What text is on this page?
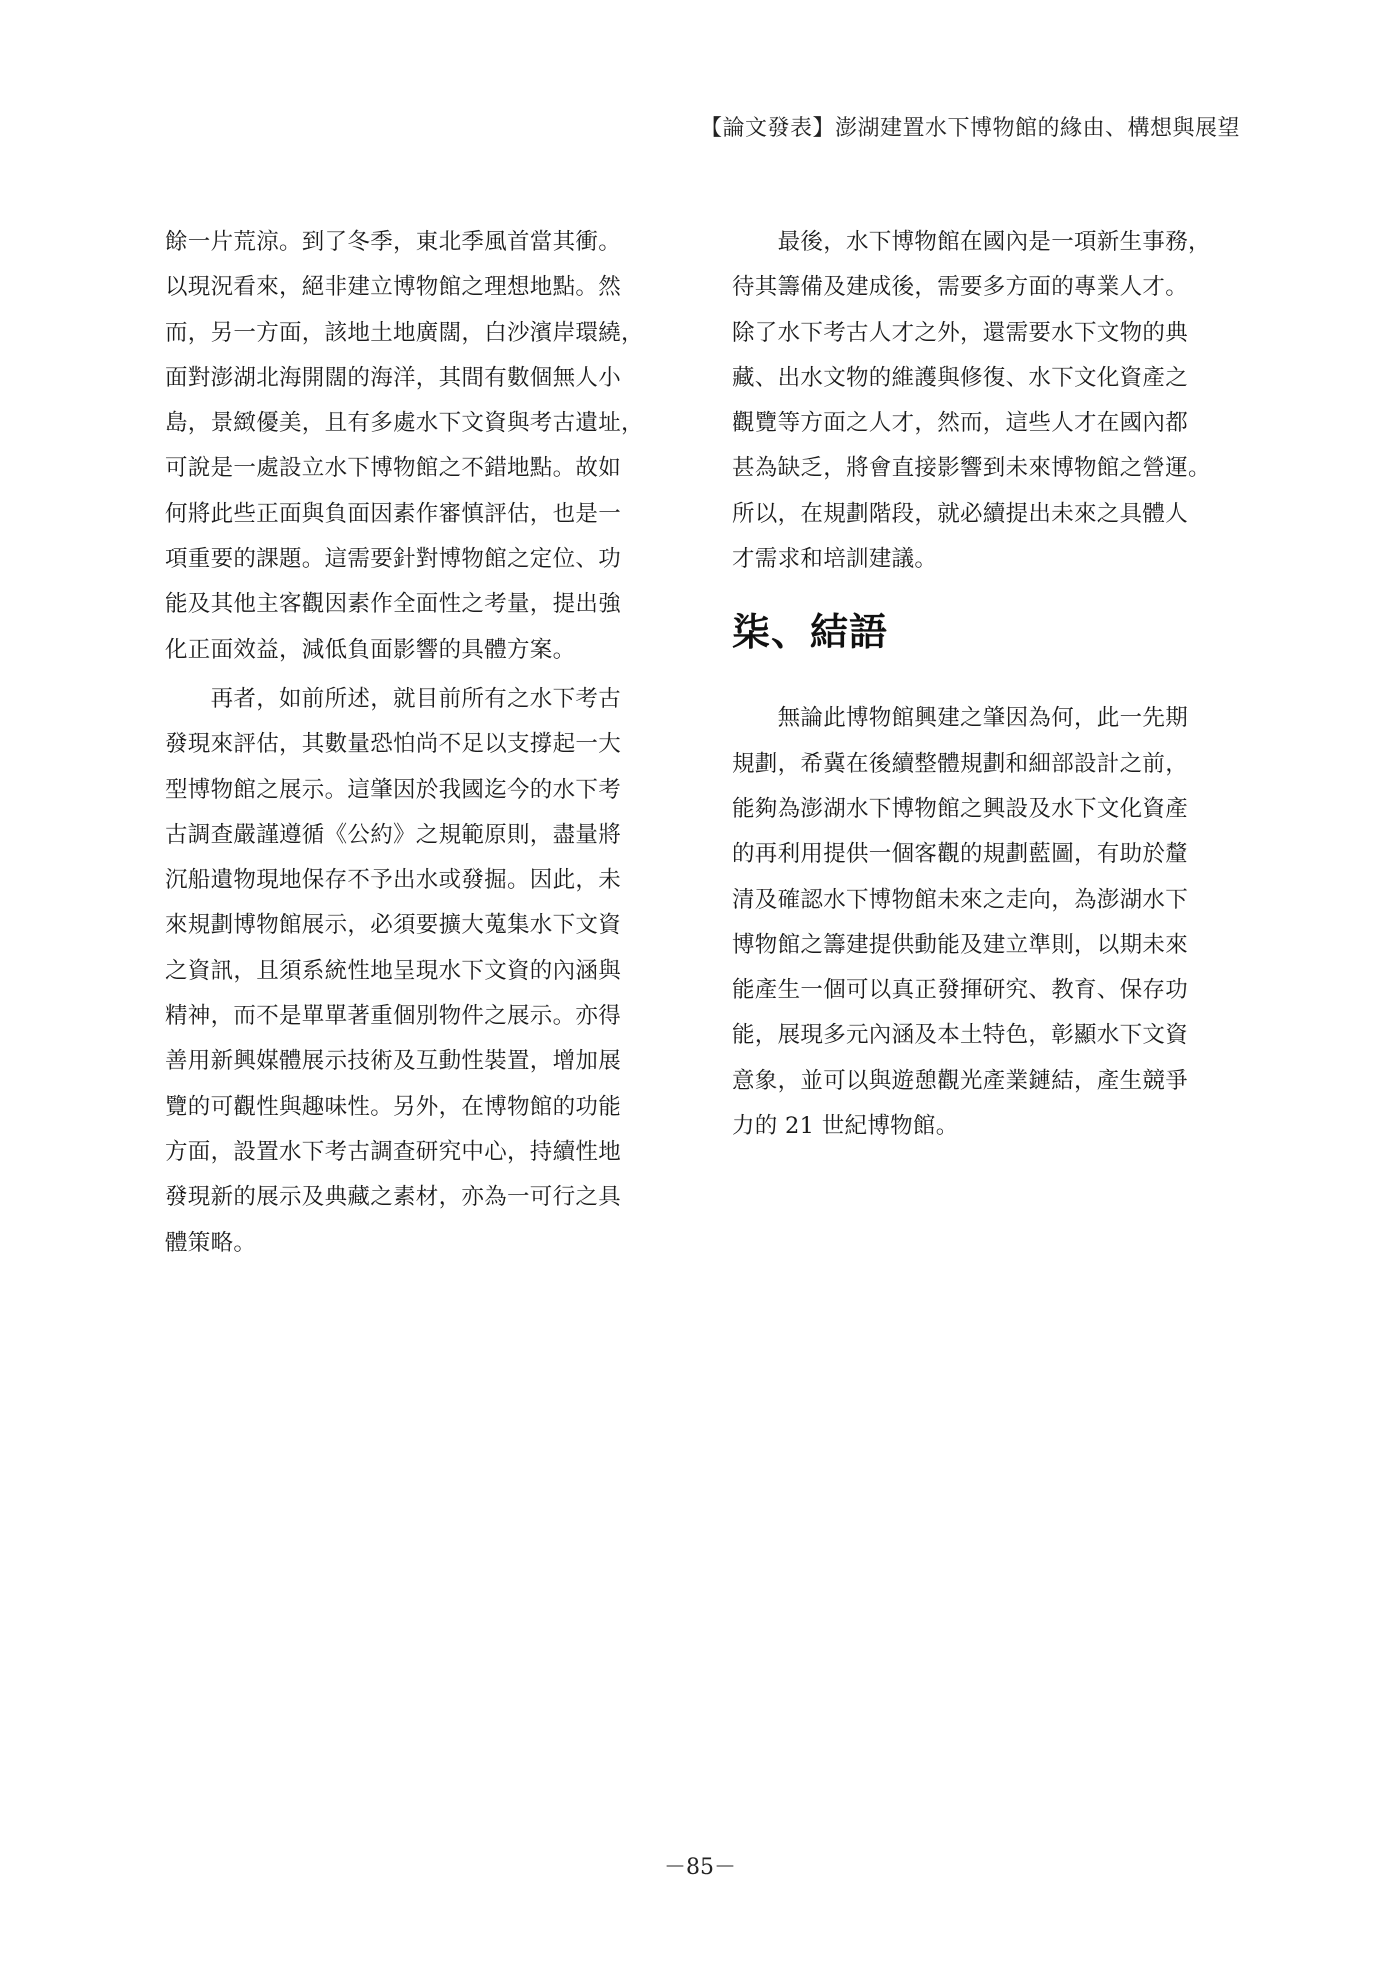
【論文發表】澎湖建置水下博物館的緣由、構想與展望

餘一片荒涼。到了冬季，東北季風首當其衝。
以現況看來，絕非建立博物館之理想地點。然
而，另一方面，該地土地廣闊，白沙濱岸環繞，
面對澎湖北海開闊的海洋，其間有數個無人小
島，景緻優美，且有多處水下文資與考古遺址，
可說是一處設立水下博物館之不錯地點。故如
何將此些正面與負面因素作審慎評估，也是一
項重要的課題。這需要針對博物館之定位、功
能及其他主客觀因素作全面性之考量，提出強
化正面效益，減低負面影響的具體方案。

　　再者，如前所述，就目前所有之水下考古
發現來評估，其數量恐怕尚不足以支撐起一大
型博物館之展示。這肇因於我國迄今的水下考
古調查嚴謹遵循《公約》之規範原則，盡量將
沉船遺物現地保存不予出水或發掘。因此，未
來規劃博物館展示，必須要擴大蒐集水下文資
之資訊，且須系統性地呈現水下文資的內涵與
精神，而不是單單著重個別物件之展示。亦得
善用新興媒體展示技術及互動性裝置，增加展
覽的可觀性與趣味性。另外，在博物館的功能
方面，設置水下考古調查研究中心，持續性地
發現新的展示及典藏之素材，亦為一可行之具
體策略。

　　最後，水下博物館在國內是一項新生事務，
待其籌備及建成後，需要多方面的專業人才。
除了水下考古人才之外，還需要水下文物的典
藏、出水文物的維護與修復、水下文化資產之
觀覽等方面之人才，然而，這些人才在國內都
甚為缺乏，將會直接影響到未來博物館之營運。
所以，在規劃階段，就必續提出未來之具體人
才需求和培訓建議。

柒、結語

　　無論此博物館興建之肇因為何，此一先期
規劃，希冀在後續整體規劃和細部設計之前，
能夠為澎湖水下博物館之興設及水下文化資產
的再利用提供一個客觀的規劃藍圖，有助於釐
清及確認水下博物館未來之走向，為澎湖水下
博物館之籌建提供動能及建立準則，以期未來
能產生一個可以真正發揮研究、教育、保存功
能，展現多元內涵及本土特色，彰顯水下文資
意象，並可以與遊憩觀光產業鏈結，產生競爭
力的 21 世紀博物館。

－85－
